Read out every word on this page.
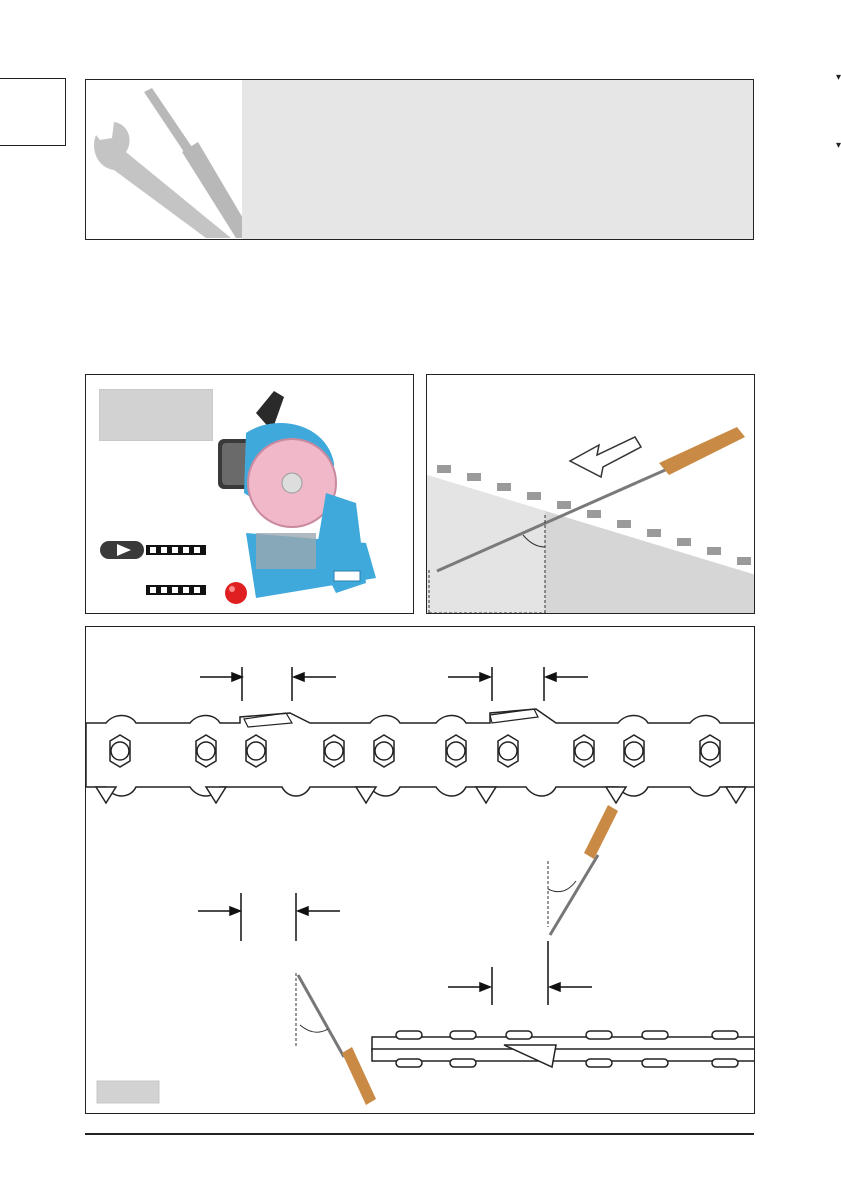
▾
▾
